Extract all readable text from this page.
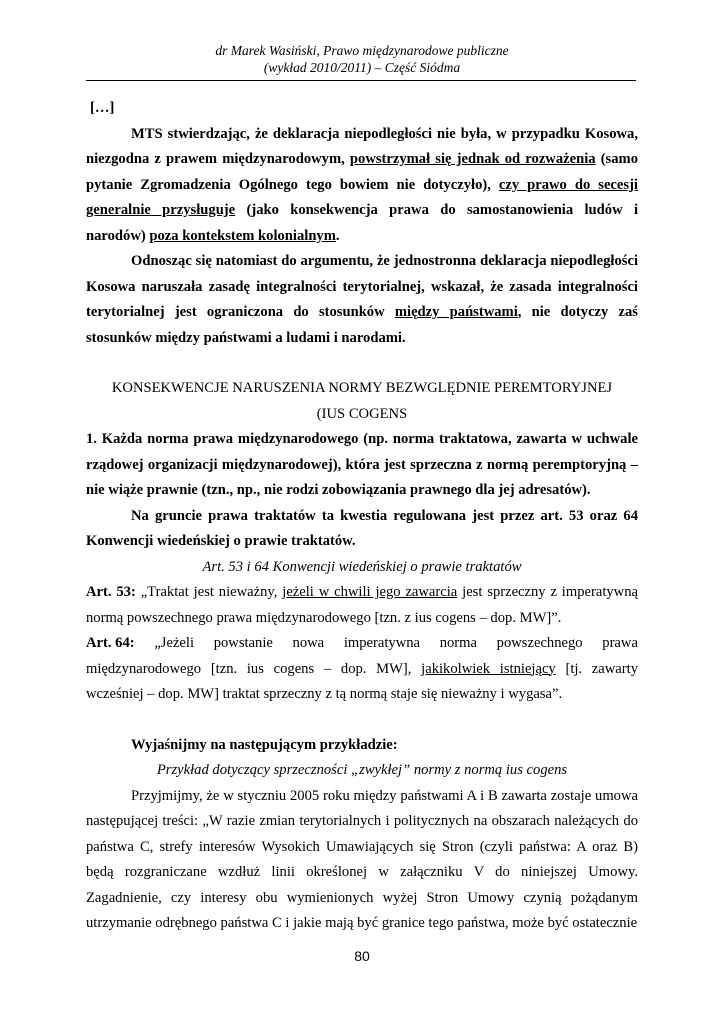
dr Marek Wasiński, Prawo międzynarodowe publiczne
(wykład 2010/2011) – Część Siódma

[…]

MTS stwierdzając, że deklaracja niepodległości nie była, w przypadku Kosowa, niezgodna z prawem międzynarodowym, powstrzymał się jednak od rozważenia (samo pytanie Zgromadzenia Ogólnego tego bowiem nie dotyczyło), czy prawo do secesji generalnie przysługuje (jako konsekwencja prawa do samostanowienia ludów i narodów) poza kontekstem kolonialnym.

Odnosząc się natomiast do argumentu, że jednostronna deklaracja niepodległości Kosowa naruszała zasadę integralności terytorialnej, wskazał, że zasada integralności terytorialnej jest ograniczona do stosunków między państwami, nie dotyczy zaś stosunków między państwami a ludami i narodami.

KONSEKWENCJE NARUSZENIA NORMY BEZWGLĘDNIE PEREMTORYJNEJ (IUS COGENS

1. Każda norma prawa międzynarodowego (np. norma traktatowa, zawarta w uchwale rządowej organizacji międzynarodowej), która jest sprzeczna z normą peremptoryjną – nie wiąże prawnie (tzn., np., nie rodzi zobowiązania prawnego dla jej adresatów).

Na gruncie prawa traktatów ta kwestia regulowana jest przez art. 53 oraz 64 Konwencji wiedeńskiej o prawie traktatów.

Art. 53 i 64 Konwencji wiedeńskiej o prawie traktatów

Art. 53: „Traktat jest nieważny, jeżeli w chwili jego zawarcia jest sprzeczny z imperatywną normą powszechnego prawa międzynarodowego [tzn. z ius cogens – dop. MW]”.

Art. 64: „Jeżeli powstanie nowa imperatywna norma powszechnego prawa

międzynarodowego [tzn. ius cogens – dop. MW], jakikolwiek istniejący [tj. zawarty wcześniej – dop. MW] traktat sprzeczny z tą normą staje się nieważny i wygasa”.

Wyjaśnijmy na następującym przykładzie:

Przykład dotyczący sprzeczności „zwykłej” normy z normą ius cogens

Przyjmijmy, że w styczniu 2005 roku między państwami A i B zawarta zostaje umowa następującej treści: „W razie zmian terytorialnych i politycznych na obszarach należących do państwa C, strefy interesów Wysokich Umawiających się Stron (czyli państwa: A oraz B) będą rozgraniczane wzdłuż linii określonej w załączniku V do niniejszej Umowy. Zagadnienie, czy interesy obu wymienionych wyżej Stron Umowy czynią pożądanym utrzymanie odrębnego państwa C i jakie mają być granice tego państwa, może być ostatecznie

80
